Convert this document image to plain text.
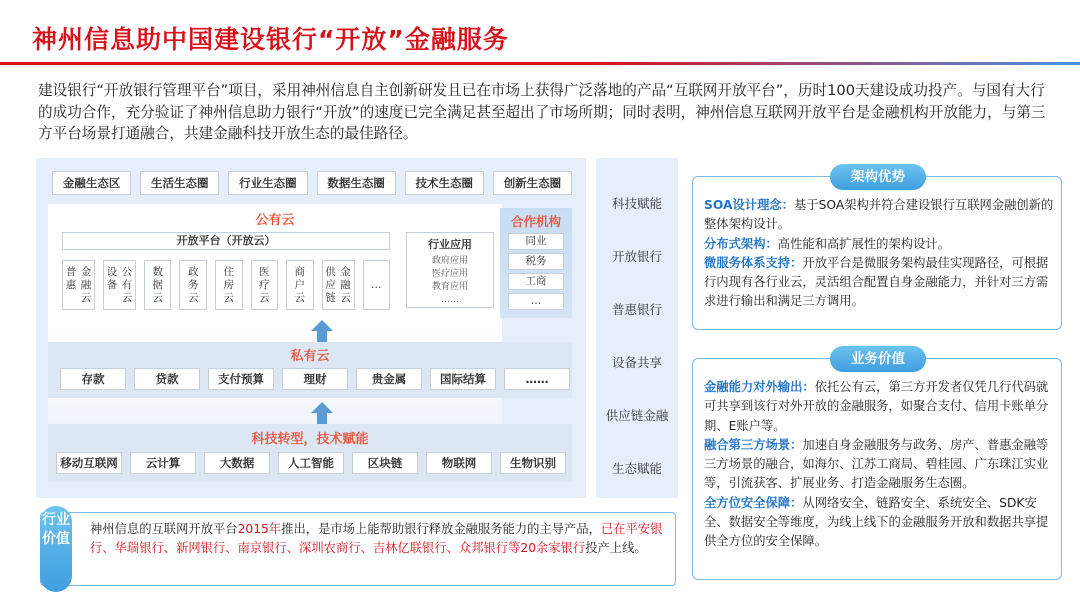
神州信息助中国建设银行“开放”金融服务
建设银行“开放银行管理平台”项目，采用神州信息自主创新研发且已在市场上获得广泛落地的产品“互联网开放平台”，历时100天建设成功投产。与国有大行的成功合作，充分验证了神州信息助力银行“开放”的速度已完全满足甚至超出了市场所期；同时表明，神州信息互联网开放平台是金融机构开放能力，与第三方平台场景打通融合，共建金融科技开放生态的最佳路径。
金融生态区	生活生态圈	行业生态圈	数据生态圈	技术生态圈	创新生态圈
公有云
开放平台（开放云）
普惠
金融云
设备
公有云
数据云
政务云
住房云
医疗云
商户云
供应链
金融云
…
行业应用
政府应用
医疗应用
教育应用
……
合作机构
同业
税务
工商
…
私有云
存款	贷款	支付预算	理财	贵金属	国际结算	……
科技转型，技术赋能
移动互联网	云计算	大数据	人工智能	区块链	物联网	生物识别
科技赋能
开放银行
普惠银行
设备共享
供应链金融
生态赋能
架构优势
SOA设计理念：基于SOA架构并符合建设银行互联网金融创新的整体架构设计。
分布式架构：高性能和高扩展性的架构设计。
微服务体系支持：开放平台是微服务架构最佳实现路径，可根据行内现有各行业云，灵活组合配置自身金融能力，并针对三方需求进行输出和满足三方调用。
业务价值
金融能力对外输出：依托公有云，第三方开发者仅凭几行代码就可共享到该行对外开放的金融服务，如聚合支付、信用卡账单分期、E账户等。
融合第三方场景：加速自身金融服务与政务、房产、普惠金融等三方场景的融合，如海尔、江苏工商局、碧桂园、广东珠江实业等，引流获客、扩展业务、打造金融服务生态圈。
全方位安全保障：从网络安全、链路安全、系统安全、SDK安全、数据安全等维度，为线上线下的金融服务开放和数据共享提供全方位的安全保障。
行业价值
神州信息的互联网开放平台2015年推出，是市场上能帮助银行释放金融服务能力的主导产品，已在平安银行、华瑞银行、新网银行、南京银行、深圳农商行、吉林亿联银行、众邦银行等20余家银行投产上线。
